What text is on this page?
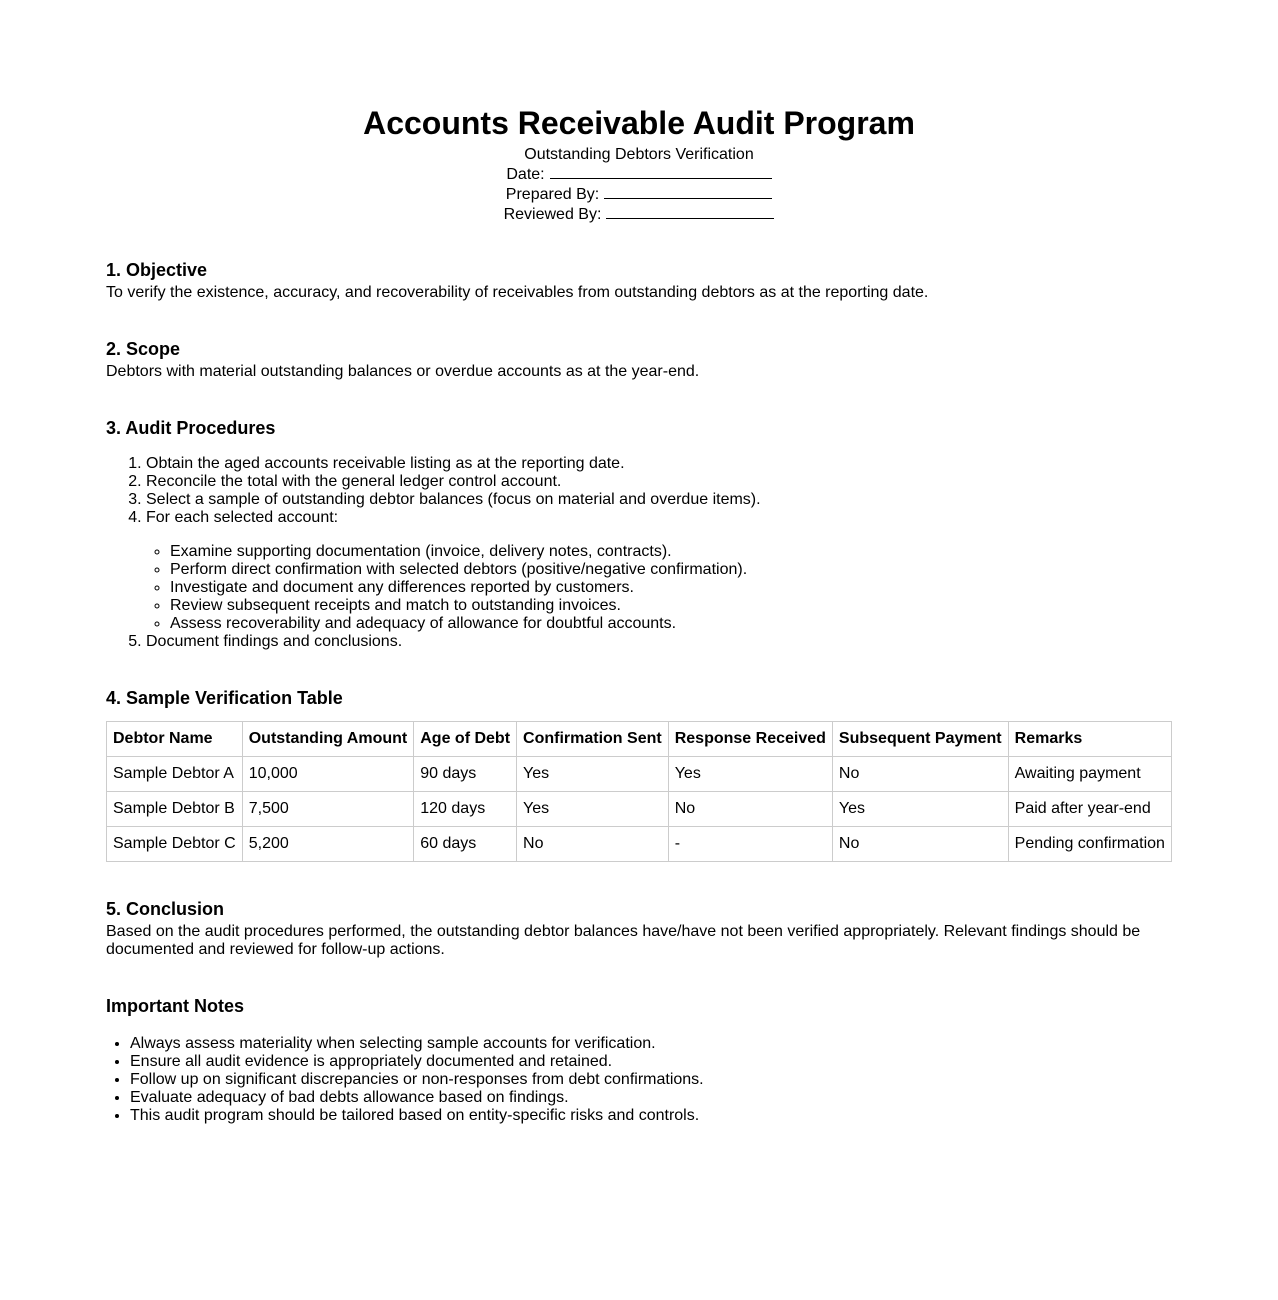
Accounts Receivable Audit Program
Outstanding Debtors Verification
Date:
Prepared By:
Reviewed By:
1. Objective

To verify the existence, accuracy, and recoverability of receivables from outstanding debtors as at the reporting date.

2. Scope

Debtors with material outstanding balances or overdue accounts as at the year-end.

3. Audit Procedures
1. Obtain the aged accounts receivable listing as at the reporting date.
2. Reconcile the total with the general ledger control account.
3. Select a sample of outstanding debtor balances (focus on material and overdue items).
4. For each selected account:
◦ Examine supporting documentation (invoice, delivery notes, contracts).
◦ Perform direct confirmation with selected debtors (positive/negative confirmation).
◦ Investigate and document any differences reported by customers.
◦ Review subsequent receipts and match to outstanding invoices.
◦ Assess recoverability and adequacy of allowance for doubtful accounts.
5. Document findings and conclusions.
4. Sample Verification Table
Debtor Name	Outstanding Amount	Age of Debt	Confirmation Sent	Response Received	Subsequent Payment	Remarks
Sample Debtor A	10,000	90 days	Yes	Yes	No	Awaiting payment
Sample Debtor B	7,500	120 days	Yes	No	Yes	Paid after year-end
Sample Debtor C	5,200	60 days	No	-	No	Pending confirmation
5. Conclusion

Based on the audit procedures performed, the outstanding debtor balances have/have not been verified appropriately. Relevant findings should be documented and reviewed for follow-up actions.

Important Notes
• Always assess materiality when selecting sample accounts for verification.
• Ensure all audit evidence is appropriately documented and retained.
• Follow up on significant discrepancies or non-responses from debt confirmations.
• Evaluate adequacy of bad debts allowance based on findings.
• This audit program should be tailored based on entity-specific risks and controls.
